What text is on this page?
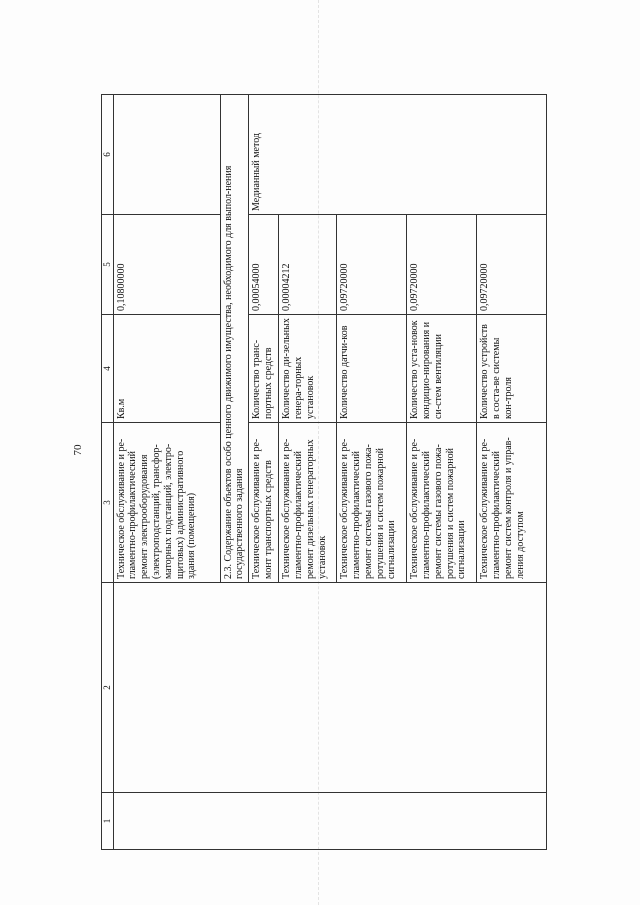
70
1	2	3	4	5	6
		Техническое обслуживание и ре-гламентно-профилактический ремонт электрооборудования (электроподстанций, трансфор-маторных подстанций, электро-щитовых) административного здания (помещения)	Кв.м	0,10800000	
		2.3. Содержание объектов особо ценного движимого имущества, необходимого для выпол-нения государственного задания			
		Техническое обслуживание и ре-монт транспортных средств	Количество транс-портных средств	0,00054000	Медианный метод
		Техническое обслуживание и ре-гламентно-профилактический ремонт дизельных генераторных установок	Количество ди-зельных генера-торных установок	0,00004212	
		Техническое обслуживание и ре-гламентно-профилактический ремонт системы газового пожа-ротушения и систем пожарной сигнализации	Количество датчи-ков	0,09720000	
		Техническое обслуживание и ре-гламентно-профилактический ремонт системы газового пожа-ротушения и систем пожарной сигнализации	Количество уста-новок кондицио-нирования и си-стем вентиляции	0,09720000	
		Техническое обслуживание и ре-гламентно-профилактический ремонт систем контроля и управ-ления доступом	Количество устройств в соста-ве системы кон-троля	0,09720000	
